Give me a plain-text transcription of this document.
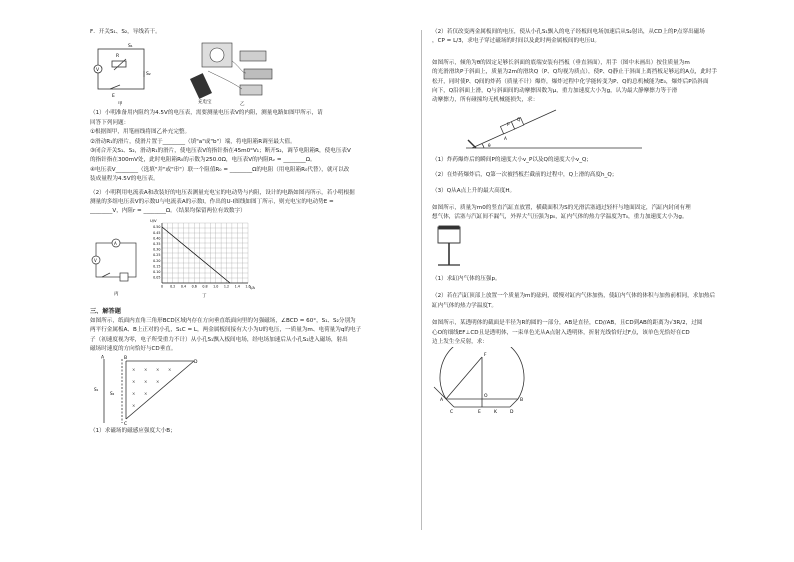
F．开关S₁、S₂，导线若干。

V
R
S₁
S₂
E
甲	充电宝	乙

（1）小明准备用内阻约为4.5V的电压表，需要测量电压表V的内阻，测量电路如图甲所示，请

回答下列问题：

①根据图甲，用笔画线将图乙补充完整。

②滑动R₁的滑片，使滑片置于________（填"a"或"b"）端，将电阻箱R调至最大值。

③闭合开关S₁、S₂，滑动R₁的滑片，使电压表V的指针指在45m0°V₁；断开S₂，调节电阻箱R，使电压表V

的指针指在300mV处，此时电阻箱R₀的示数为250.0Ω，电压表V的内阻Rᵥ = ________Ω。

④电压表V________（选填"并"或"串"）联一个阻值R₀ = ________Ω的电阻（用电阻箱R₀代替），就可以改

装成量程为4.5V的电压表。

（2）小明利用电流表A和改装好的电压表测量充电宝的电动势与内阻，设计的电路如图丙所示，若小明根据

测量的多组电压表V的示数U与电流表A的示数I，作出的U-I图线如图丁所示，则充电宝的电动势E =

________V，内阻r = ________Ω。（结果均保留两位有效数字）

A
V
丙
0.50
0.45
0.40
0.35
0.30
0.25
0.20
0.15
0.10
0.05
0 0.2 0.4 0.6 0.8 1.0 1.2 1.4 1.6
U/V
I/A
丁

三、解答题

如图所示，纸面内直角三角形BCD区域内存在方向垂直纸面向里的匀强磁场，∠BCD = 60°，S₁、S₂分别为

两平行金属板A、B上正对的小孔，S₁C = L，两金属板间接有大小为U的电压，一质量为m、电荷量为q的电子

子（初速度视为零，电子所受重力不计）从小孔S₁飘入板间电场，经电场加速后从小孔S₂进入磁场，射出

磁场时速度的方向恰好与CD垂直。

× × × ×
× × ×
× ×
×
A	B
D
C
S₁
S₂

（1）求磁场的磁感应强度大小B；

（2）若仅改变两金属板间的电压，使从小孔S₁飘入的电子经板间电场加速后从S₂射出，从CD上的P点穿出磁场

，CP = L/3，求电子穿过磁场的时间以及此时两金属板间的电压U。

如图所示，倾角为θ的固定足够长斜面的底端安装有挡板（垂直斜面），用手（图中未画出）按住质量为m

的光滑滑块P于斜面上，质量为2m的滑块Q（P、Q均视为质点），使P、Q静止于斜面上离挡板足够远的A点，此时手

松开，同时使P、Q间的炸药（质量不计）爆炸，爆炸过程中化学能转变为P、Q的总机械能为E₀，爆炸后P沿斜面

向下，Q沿斜面上滑，Q与斜面间的动摩擦因数为μ，重力加速度大小为g，认为最大静摩擦力等于滑

动摩擦力，所有碰撞均无机械能损失，求：

P
Q
A
θ

（1）炸药爆炸后的瞬间P的速度大小v_P以及Q的速度大小v_Q；

（2）在炸药爆炸后，Q第一次被挡板拦截前的过程中，Q上滑的高度h_Q；

（3）Q从A点上升的最大高度H。

如图所示，质量为m0的竖直汽缸直放置，横截面积为S的光滑活塞通过轻杆与地面固定，汽缸内封闭有理

想气体，活塞与汽缸间不漏气，外界大气压强为p₀，缸内气体的热力学温度为T₀，重力加速度大小为g。

（1）求缸内气体的压强p。

（2）若在汽缸顶部上放置一个质量为m的砝码，缓慢对缸内气体加热，使缸内气体的体积与加热前相同，求加热后

缸内气体的热力学温度T。

如图所示，某透明体的截面是半径为R的圆的一部分，AB是直径，CD//AB，且CD到AB的距离为√3R/2，过圆

心O的细线EF⊥CD且是透明体，一束单色光从A点射入透明体，折射光线恰好过F点，该单色光恰好在CD

边上发生全反射，求：

A	B
C	D
E
F
O
K
